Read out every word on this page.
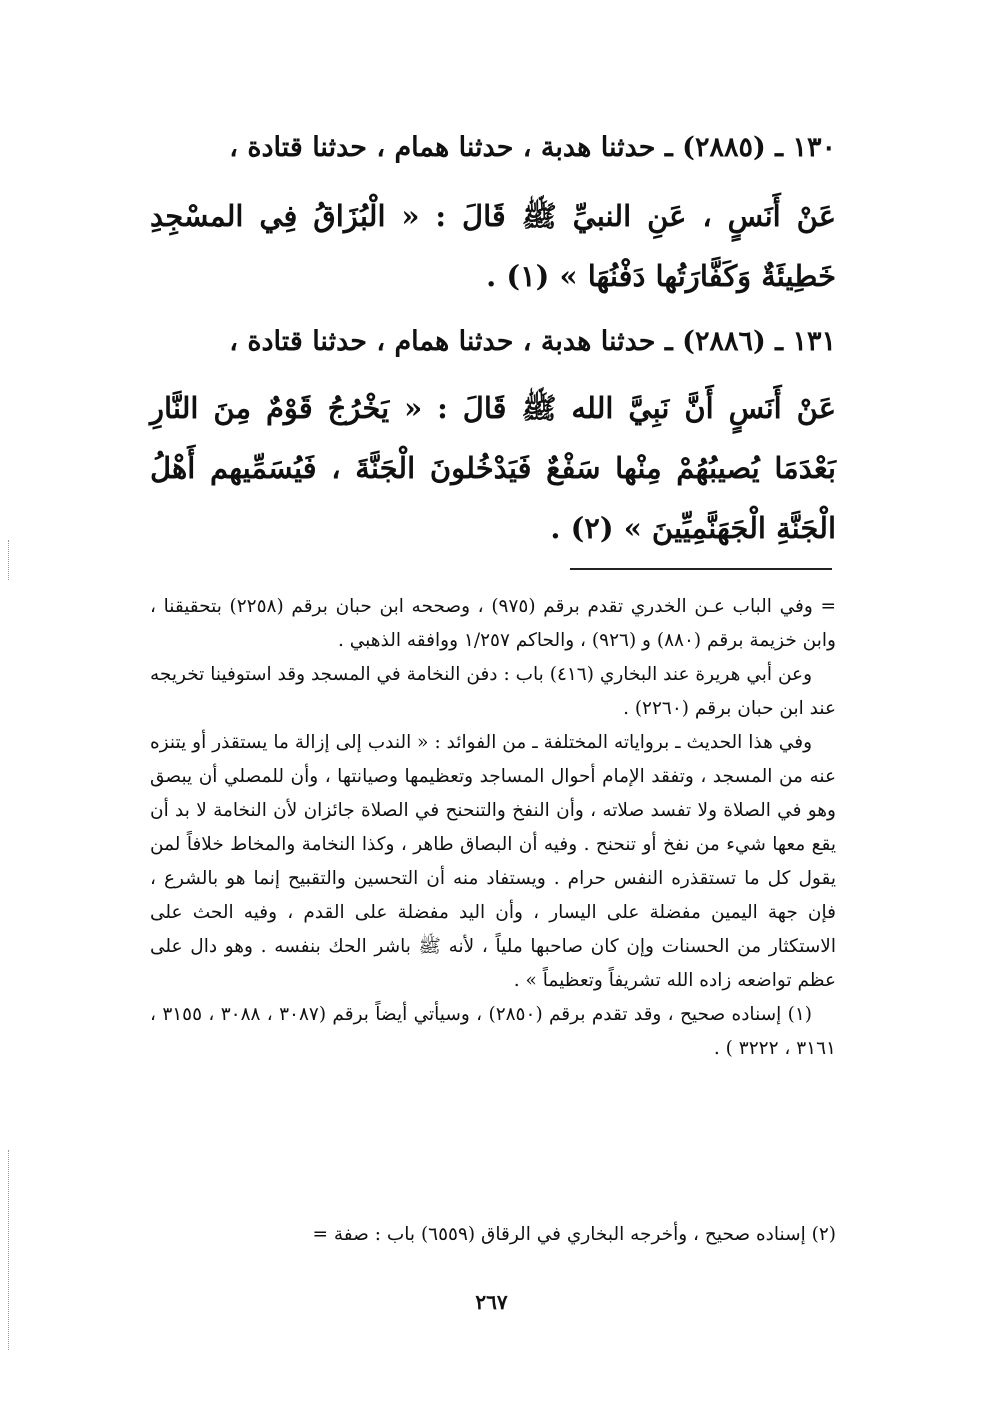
١٣٠ ـ (٢٨٨٥) ـ حدثنا هدبة ، حدثنا همام ، حدثنا قتادة ،
عَنْ أَنَسٍ ، عَنِ النبيِّ ﷺ قَالَ : « الْبُزَاقُ فِي المسْجِدِ خَطِيئَةٌ وَكَفَّارَتُها دَفْنُهَا » (١) .
١٣١ ـ (٢٨٨٦) ـ حدثنا هدبة ، حدثنا همام ، حدثنا قتادة ،
عَنْ أَنَسٍ أَنَّ نَبِيَّ الله ﷺ قَالَ : « يَخْرُجُ قَوْمٌ مِنَ النَّارِ بَعْدَمَا يُصيبُهُمْ مِنْها سَفْعٌ فَيَدْخُلونَ الْجَنَّةَ ، فَيُسَمِّيهم أَهْلُ الْجَنَّةِ الْجَهَنَّمِيِّينَ » (٢) .

= وفي الباب عـن الخدري تقدم برقم (٩٧٥) ، وصححه ابن حبان برقم (٢٢٥٨) بتحقيقنا ، وابن خزيمة برقم (٨٨٠) و (٩٢٦) ، والحاكم ١/٢٥٧ ووافقه الذهبي .

وعن أبي هريرة عند البخاري (٤١٦) باب : دفن النخامة في المسجد وقد استوفينا تخريجه عند ابن حبان برقم (٢٢٦٠) .

وفي هذا الحديث ـ برواياته المختلفة ـ من الفوائد : « الندب إلى إزالة ما يستقذر أو يتنزه عنه من المسجد ، وتفقد الإمام أحوال المساجد وتعظيمها وصيانتها ، وأن للمصلي أن يبصق وهو في الصلاة ولا تفسد صلاته ، وأن النفخ والتنحنح في الصلاة جائزان لأن النخامة لا بد أن يقع معها شيء من نفخ أو تنحنح . وفيه أن البصاق طاهر ، وكذا النخامة والمخاط خلافاً لمن يقول كل ما تستقذره النفس حرام . ويستفاد منه أن التحسين والتقبيح إنما هو بالشرع ، فإن جهة اليمين مفضلة على اليسار ، وأن اليد مفضلة على القدم ، وفيه الحث على الاستكثار من الحسنات وإن كان صاحبها ملياً ، لأنه ﷺ باشر الحك بنفسه . وهو دال على عظم تواضعه زاده الله تشريفاً وتعظيماً » .

(١) إسناده صحيح ، وقد تقدم برقم (٢٨٥٠) ، وسيأتي أيضاً برقم (٣٠٨٧ ، ٣٠٨٨ ، ٣١٥٥ ، ٣١٦١ ، ٣٢٢٢ ) .

(٢) إسناده صحيح ، وأخرجه البخاري في الرقاق (٦٥٥٩) باب : صفة =
٢٦٧
